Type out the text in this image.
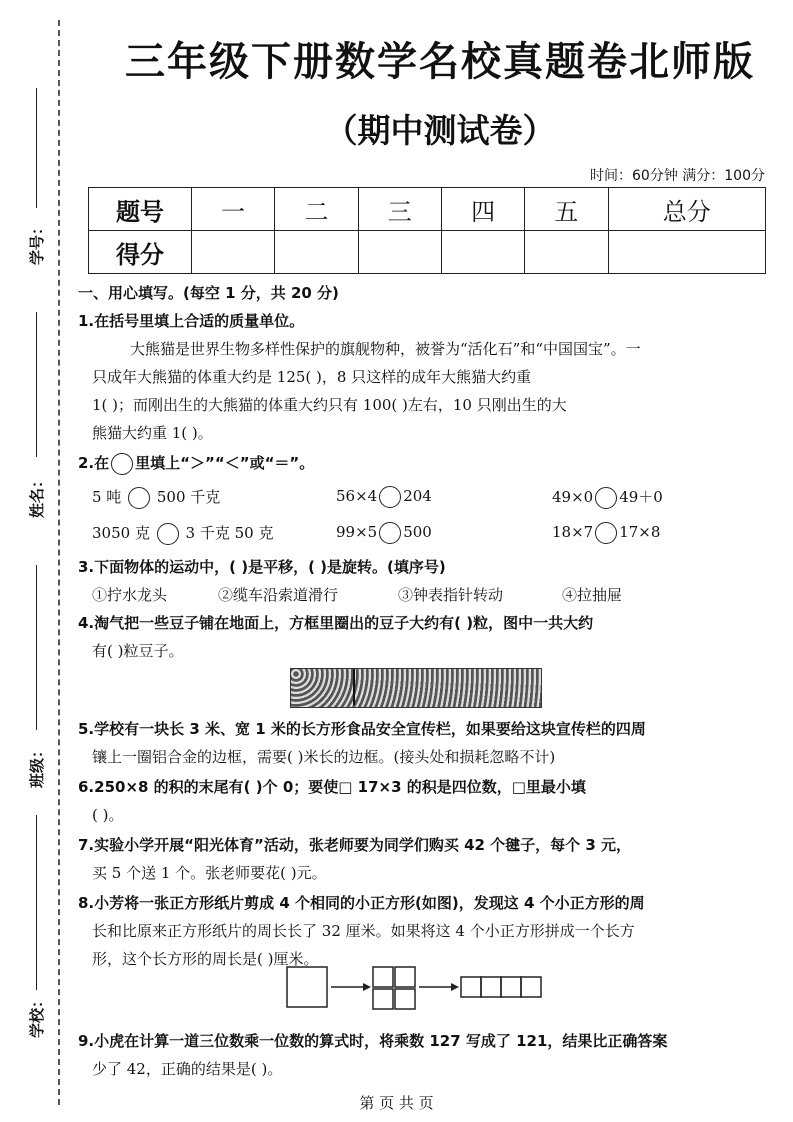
学号：
姓名：
班级：
学校：
三年级下册数学名校真题卷北师版
（期中测试卷）
时间：60分钟 满分：100分
题号	一	二	三	四	五	总分
得分						
一、用心填写。(每空 1 分，共 20 分)
1.在括号里填上合适的质量单位。
大熊猫是世界生物多样性保护的旗舰物种，被誉为“活化石”和“中国国宝”。一
只成年大熊猫的体重大约是 125( )，8 只这样的成年大熊猫大约重
1( )；而刚出生的大熊猫的体重大约只有 100( )左右，10 只刚出生的大
熊猫大约重 1( )。
2.在 里填上“＞”“＜”或“＝”。
5 吨 500 千克	56×4 204	49×0 49＋0
3050 克 3 千克 50 克	99×5 500	18×7 17×8
3.下面物体的运动中，( )是平移，( )是旋转。(填序号)
①拧水龙头	②缆车沿索道滑行	③钟表指针转动	④拉抽屉
4.淘气把一些豆子铺在地面上，方框里圈出的豆子大约有( )粒，图中一共大约
有( )粒豆子。
5.学校有一块长 3 米、宽 1 米的长方形食品安全宣传栏，如果要给这块宣传栏的四周
镶上一圈铝合金的边框，需要( )米长的边框。(接头处和损耗忽略不计)
6.250×8 的积的末尾有( )个 0；要使□ 17×3 的积是四位数，□里最小填
( )。
7.实验小学开展“阳光体育”活动，张老师要为同学们购买 42 个毽子，每个 3 元，
买 5 个送 1 个。张老师要花( )元。
8.小芳将一张正方形纸片剪成 4 个相同的小正方形(如图)，发现这 4 个小正方形的周
长和比原来正方形纸片的周长长了 32 厘米。如果将这 4 个小正方形拼成一个长方
形，这个长方形的周长是( )厘米。
9.小虎在计算一道三位数乘一位数的算式时，将乘数 127 写成了 121，结果比正确答案
少了 42，正确的结果是( )。
第 页 共 页
